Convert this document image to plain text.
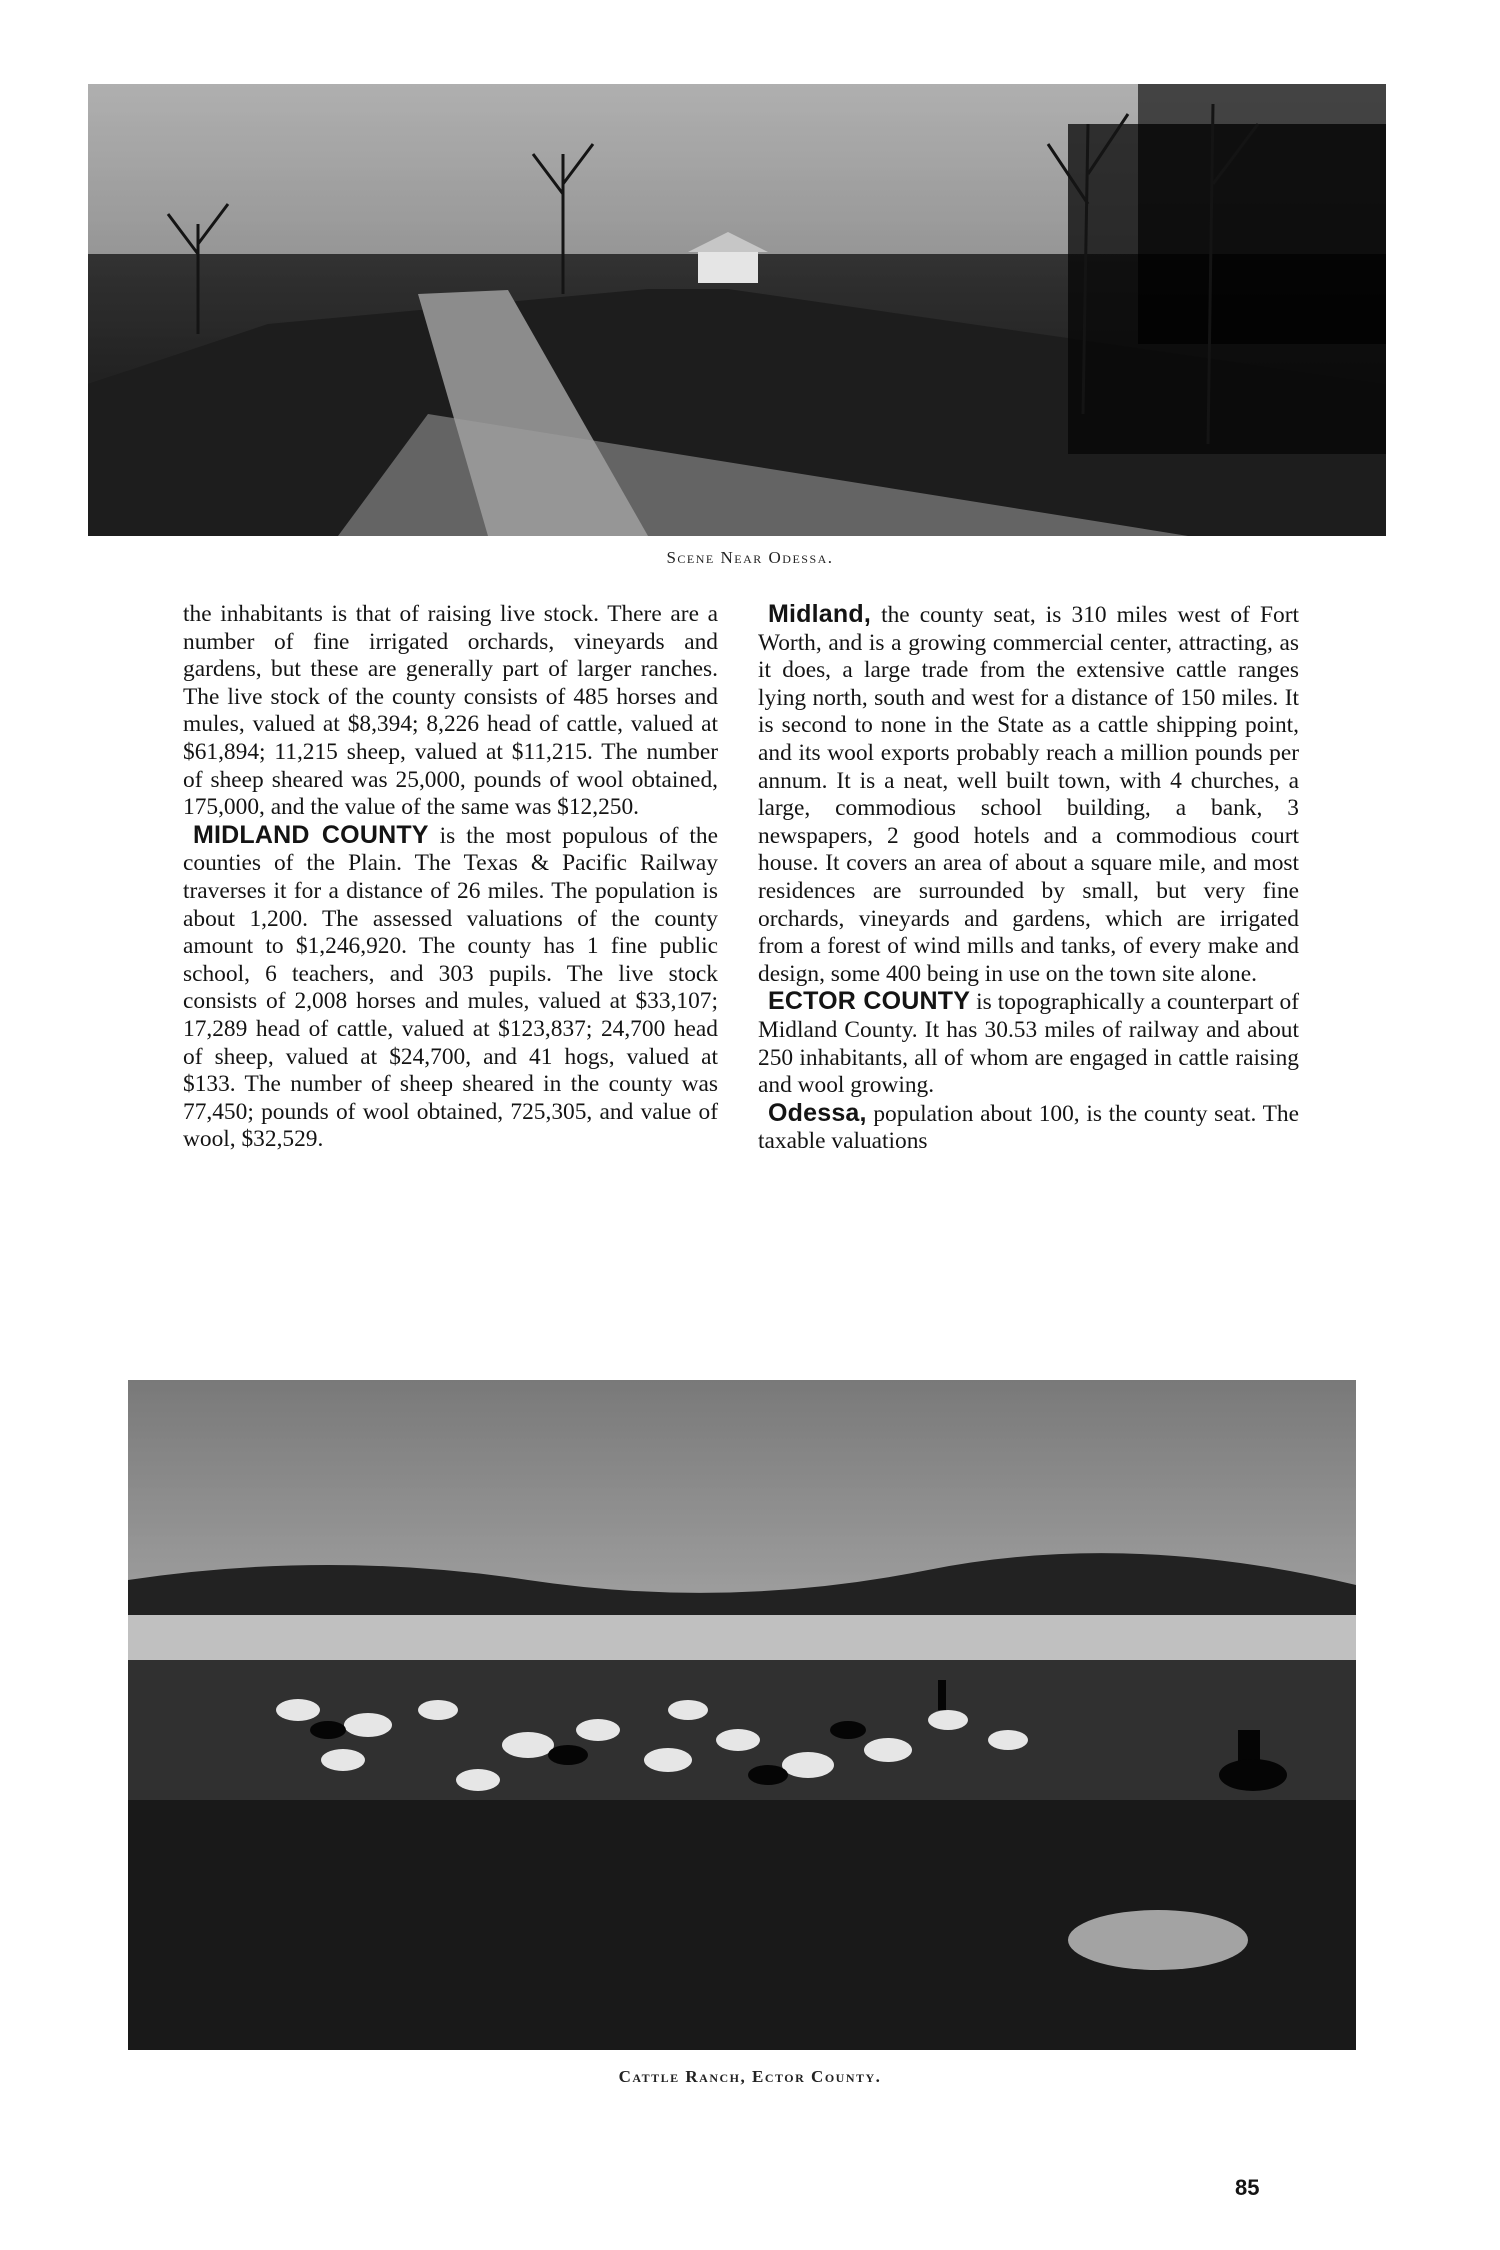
Scene Near Odessa.

the inhabitants is that of raising live stock. There are a number of fine irrigated orchards, vineyards and gardens, but these are generally part of larger ranches. The live stock of the county consists of 485 horses and mules, valued at $8,394; 8,226 head of cattle, valued at $61,894; 11,215 sheep, valued at $11,215. The number of sheep sheared was 25,000, pounds of wool obtained, 175,000, and the value of the same was $12,250.

MIDLAND COUNTY is the most populous of the counties of the Plain. The Texas & Pacific Railway traverses it for a distance of 26 miles. The population is about 1,200. The assessed valuations of the county amount to $1,246,920. The county has 1 fine public school, 6 teachers, and 303 pupils. The live stock consists of 2,008 horses and mules, valued at $33,107; 17,289 head of cattle, valued at $123,837; 24,700 head of sheep, valued at $24,700, and 41 hogs, valued at $133. The number of sheep sheared in the county was 77,450; pounds of wool obtained, 725,305, and value of wool, $32,529.

Midland, the county seat, is 310 miles west of Fort Worth, and is a growing commercial center, attracting, as it does, a large trade from the extensive cattle ranges lying north, south and west for a distance of 150 miles. It is second to none in the State as a cattle shipping point, and its wool exports probably reach a million pounds per annum. It is a neat, well built town, with 4 churches, a large, commodious school building, a bank, 3 newspapers, 2 good hotels and a commodious court house. It covers an area of about a square mile, and most residences are surrounded by small, but very fine orchards, vineyards and gardens, which are irrigated from a forest of wind mills and tanks, of every make and design, some 400 being in use on the town site alone.

ECTOR COUNTY is topographically a counterpart of Midland County. It has 30.53 miles of railway and about 250 inhabitants, all of whom are engaged in cattle raising and wool growing.

Odessa, population about 100, is the county seat. The taxable valuations

Cattle Ranch, Ector County.
85
